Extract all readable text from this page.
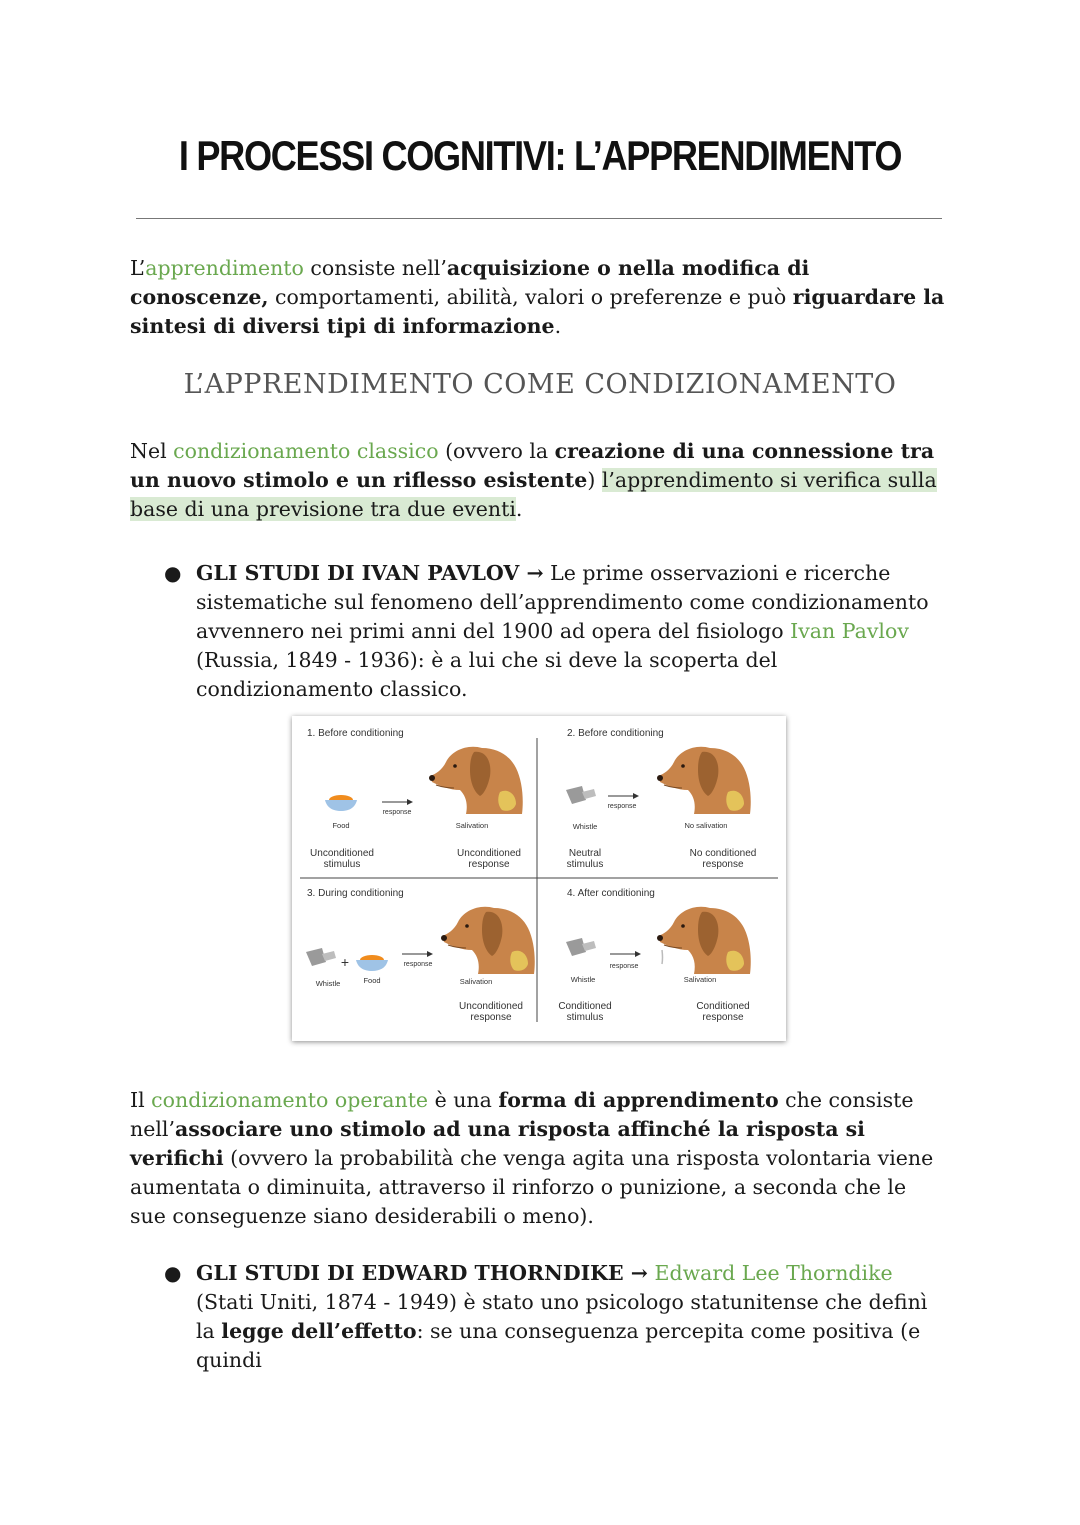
I PROCESSI COGNITIVI: L’APPRENDIMENTO
L’apprendimento consiste nell’acquisizione o nella modifica di conoscenze, comportamenti, abilità, valori o preferenze e può riguardare la sintesi di diversi tipi di informazione.
L’APPRENDIMENTO COME CONDIZIONAMENTO
Nel condizionamento classico (ovvero la creazione di una connessione tra un nuovo stimolo e un riflesso esistente) l’apprendimento si verifica sulla base di una previsione tra due eventi.
● GLI STUDI DI IVAN PAVLOV → Le prime osservazioni e ricerche sistematiche sul fenomeno dell’apprendimento come condizionamento avvennero nei primi anni del 1900 ad opera del fisiologo Ivan Pavlov (Russia, 1849 - 1936): è a lui che si deve la scoperta del condizionamento classico.
1. Before conditioning
Food
response
Salivation
Unconditioned
stimulus
Unconditioned
response
2. Before conditioning
Whistle
response
No salivation
Neutral
stimulus
No conditioned
response
3. During conditioning
Whistle
+
Food
response
Salivation
Unconditioned
response
4. After conditioning
Whistle
response
Salivation
Conditioned
stimulus
Conditioned
response
Il condizionamento operante è una forma di apprendimento che consiste nell’associare uno stimolo ad una risposta affinché la risposta si verifichi (ovvero la probabilità che venga agita una risposta volontaria viene aumentata o diminuita, attraverso il rinforzo o punizione, a seconda che le sue conseguenze siano desiderabili o meno).
● GLI STUDI DI EDWARD THORNDIKE → Edward Lee Thorndike (Stati Uniti, 1874 - 1949) è stato uno psicologo statunitense che definì la legge dell’effetto: se una conseguenza percepita come positiva (e quindi
